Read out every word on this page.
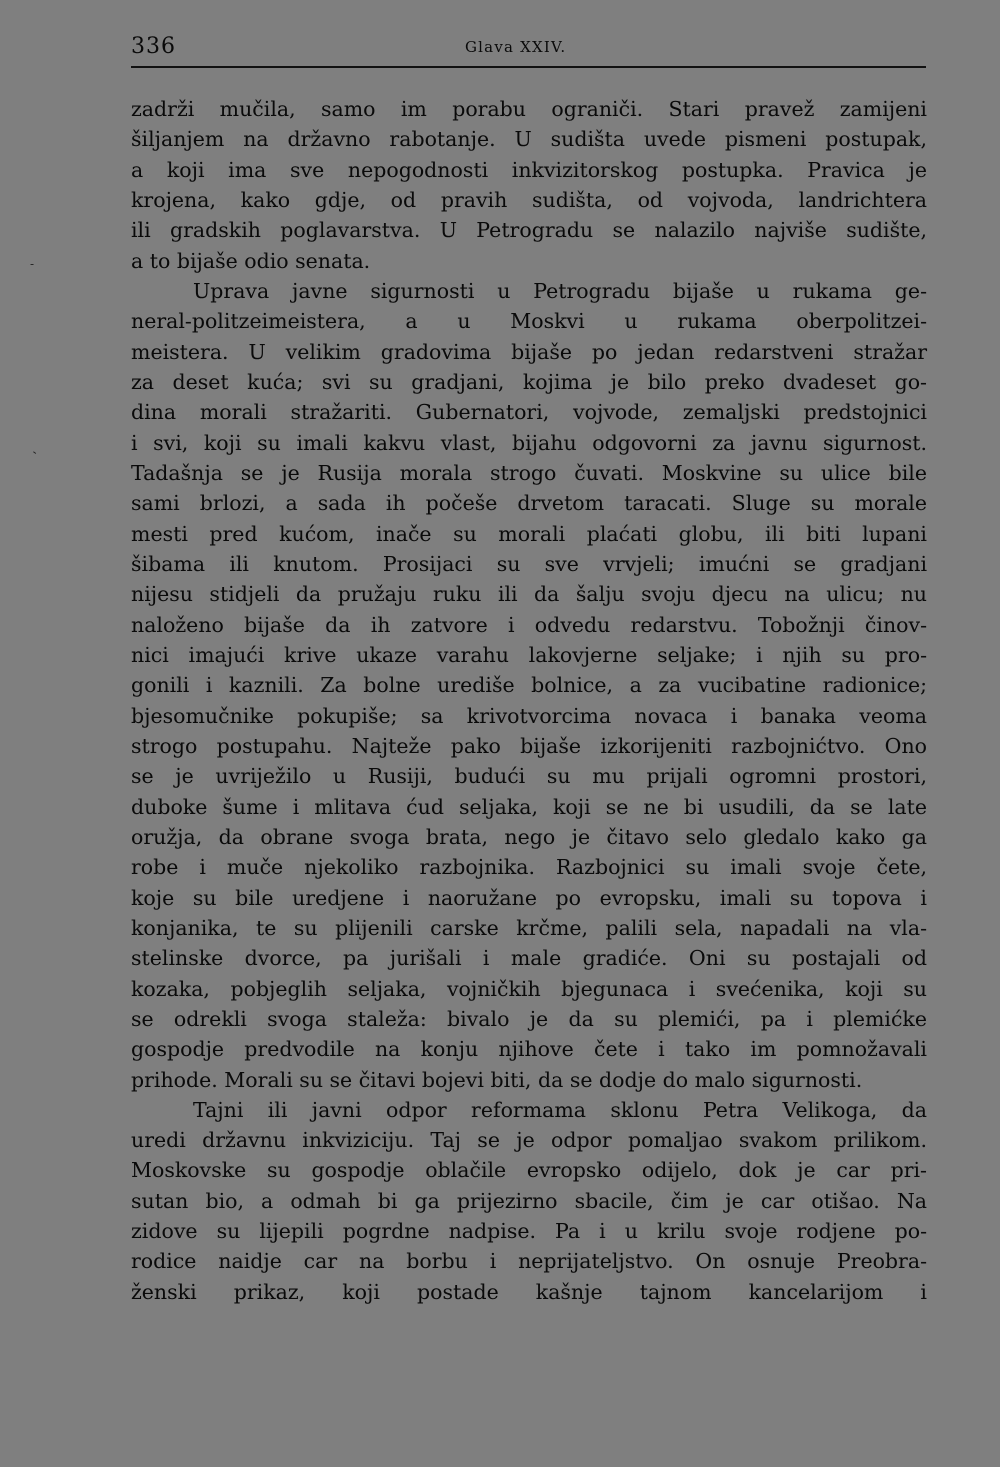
336	Glava XXIV.
-
-
zadrži mučila, samo im porabu ograniči. Stari pravež zamijeni
šiljanjem na državno rabotanje. U sudišta uvede pismeni postupak,
a koji ima sve nepogodnosti inkvizitorskog postupka. Pravica je
krojena, kako gdje, od pravih sudišta, od vojvoda, landrichtera
ili gradskih poglavarstva. U Petrogradu se nalazilo najviše sudište,
a to bijaše odio senata.
Uprava javne sigurnosti u Petrogradu bijaše u rukama ge-
neral-politzeimeistera, a u Moskvi u rukama oberpolitzei-
meistera. U velikim gradovima bijaše po jedan redarstveni stražar
za deset kuća; svi su gradjani, kojima je bilo preko dvadeset go-
dina morali stražariti. Gubernatori, vojvode, zemaljski predstojnici
i svi, koji su imali kakvu vlast, bijahu odgovorni za javnu sigurnost.
Tadašnja se je Rusija morala strogo čuvati. Moskvine su ulice bile
sami brlozi, a sada ih počeše drvetom taracati. Sluge su morale
mesti pred kućom, inače su morali plaćati globu, ili biti lupani
šibama ili knutom. Prosijaci su sve vrvjeli; imućni se gradjani
nijesu stidjeli da pružaju ruku ili da šalju svoju djecu na ulicu; nu
naloženo bijaše da ih zatvore i odvedu redarstvu. Tobožnji činov-
nici imajući krive ukaze varahu lakovjerne seljake; i njih su pro-
gonili i kaznili. Za bolne urediše bolnice, a za vucibatine radionice;
bjesomučnike pokupiše; sa krivotvorcima novaca i banaka veoma
strogo postupahu. Najteže pako bijaše izkorijeniti razbojnićtvo. Ono
se je uvriježilo u Rusiji, budući su mu prijali ogromni prostori,
duboke šume i mlitava ćud seljaka, koji se ne bi usudili, da se late
oružja, da obrane svoga brata, nego je čitavo selo gledalo kako ga
robe i muče njekoliko razbojnika. Razbojnici su imali svoje čete,
koje su bile uredjene i naoružane po evropsku, imali su topova i
konjanika, te su plijenili carske krčme, palili sela, napadali na vla-
stelinske dvorce, pa jurišali i male gradiće. Oni su postajali od
kozaka, pobjeglih seljaka, vojničkih bjegunaca i svećenika, koji su
se odrekli svoga staleža: bivalo je da su plemići, pa i plemićke
gospodje predvodile na konju njihove čete i tako im pomnožavali
prihode. Morali su se čitavi bojevi biti, da se dodje do malo sigurnosti.
Tajni ili javni odpor reformama sklonu Petra Velikoga, da
uredi državnu inkviziciju. Taj se je odpor pomaljao svakom prilikom.
Moskovske su gospodje oblačile evropsko odijelo, dok je car pri-
sutan bio, a odmah bi ga prijezirno sbacile, čim je car otišao. Na
zidove su lijepili pogrdne nadpise. Pa i u krilu svoje rodjene po-
rodice naidje car na borbu i neprijateljstvo. On osnuje Preobra-
ženski prikaz, koji postade kašnje tajnom kancelarijom i
